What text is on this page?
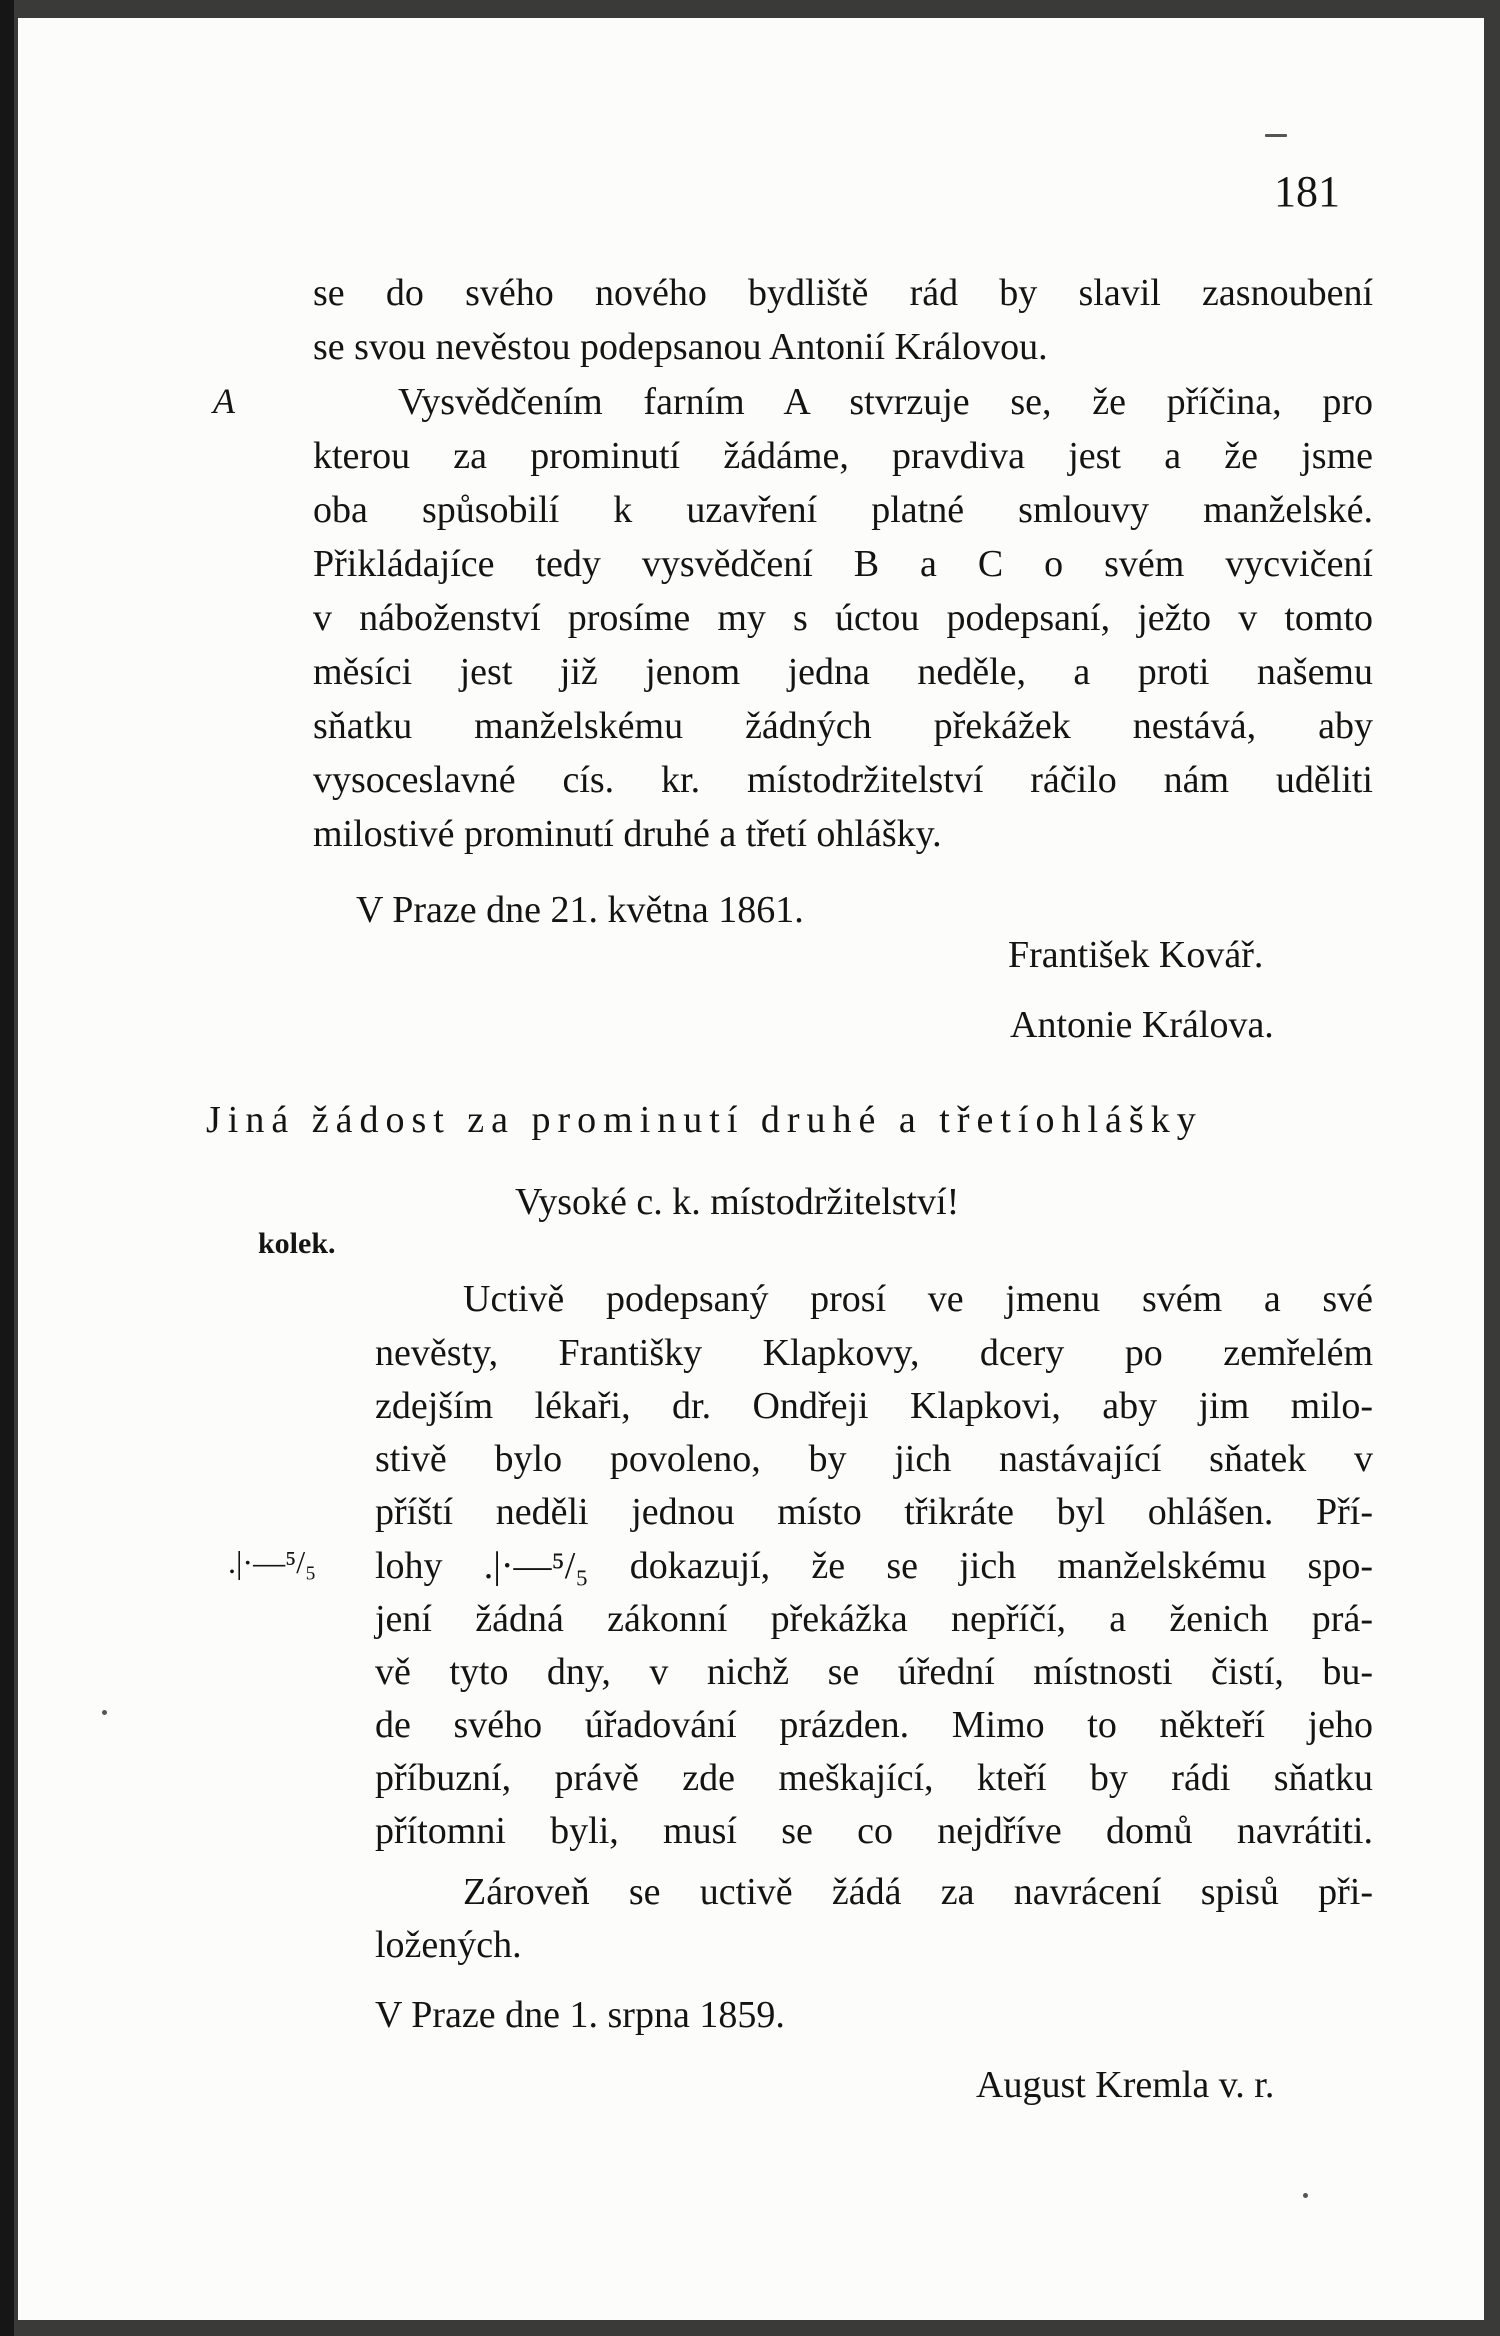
181
se do svého nového bydliště rád by slavil zasnoubení
se svou nevěstou podepsanou Antonií Královou.
A	Vysvědčením farním A stvrzuje se, že příčina, pro
kterou za prominutí žádáme, pravdiva jest a že jsme
oba spůsobilí k uzavření platné smlouvy manželské.
Přikládajíce tedy vysvědčení B a C o svém vycvičení
v náboženství prosíme my s úctou podepsaní, ježto v tomto
měsíci jest již jenom jedna neděle, a proti našemu
sňatku manželskému žádných překážek nestává, aby
vysoceslavné cís. kr. místodržitelství ráčilo nám uděliti
milostivé prominutí druhé a třetí ohlášky.
V Praze dne 21. května 1861.
František Kovář.
Antonie Králova.
Jiná žádost za prominutí druhé a třetíohlášky
Vysoké c. k. místodržitelství!
kolek.
Uctivě podepsaný prosí ve jmenu svém a své
nevěsty, Františky Klapkovy, dcery po zemřelém
zdejším lékaři, dr. Ondřeji Klapkovi, aby jim milo-
stivě bylo povoleno, by jich nastávající sňatek v
příští neděli jednou místo třikráte byl ohlášen. Pří-
.|·—⁵/₅ lohy .|·—⁵/₅ dokazují, že se jich manželskému spo-
jení žádná zákonní překážka nepříčí, a ženich prá-
vě tyto dny, v nichž se úřední místnosti čistí, bu-
de svého úřadování prázden. Mimo to někteří jeho
příbuzní, právě zde meškající, kteří by rádi sňatku
přítomni byli, musí se co nejdříve domů navrátiti.
Zároveň se uctivě žádá za navrácení spisů při-
ložených.
V Praze dne 1. srpna 1859.
August Kremla v. r.
